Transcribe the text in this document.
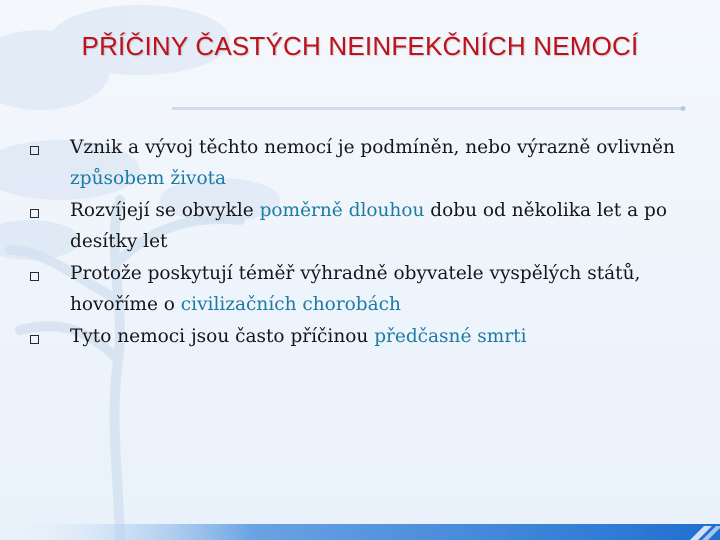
PŘÍČINY ČASTÝCH NEINFEKČNÍCH NEMOCÍ
Vznik a vývoj těchto nemocí je podmíněn, nebo výrazně ovlivněn způsobem života
Rozvíjejí se obvykle poměrně dlouhou dobu od několika let a po desítky let
Protože poskytují téměř výhradně obyvatele vyspělých států, hovoříme o civilizačních chorobách
Tyto nemoci jsou často příčinou předčasné smrti
